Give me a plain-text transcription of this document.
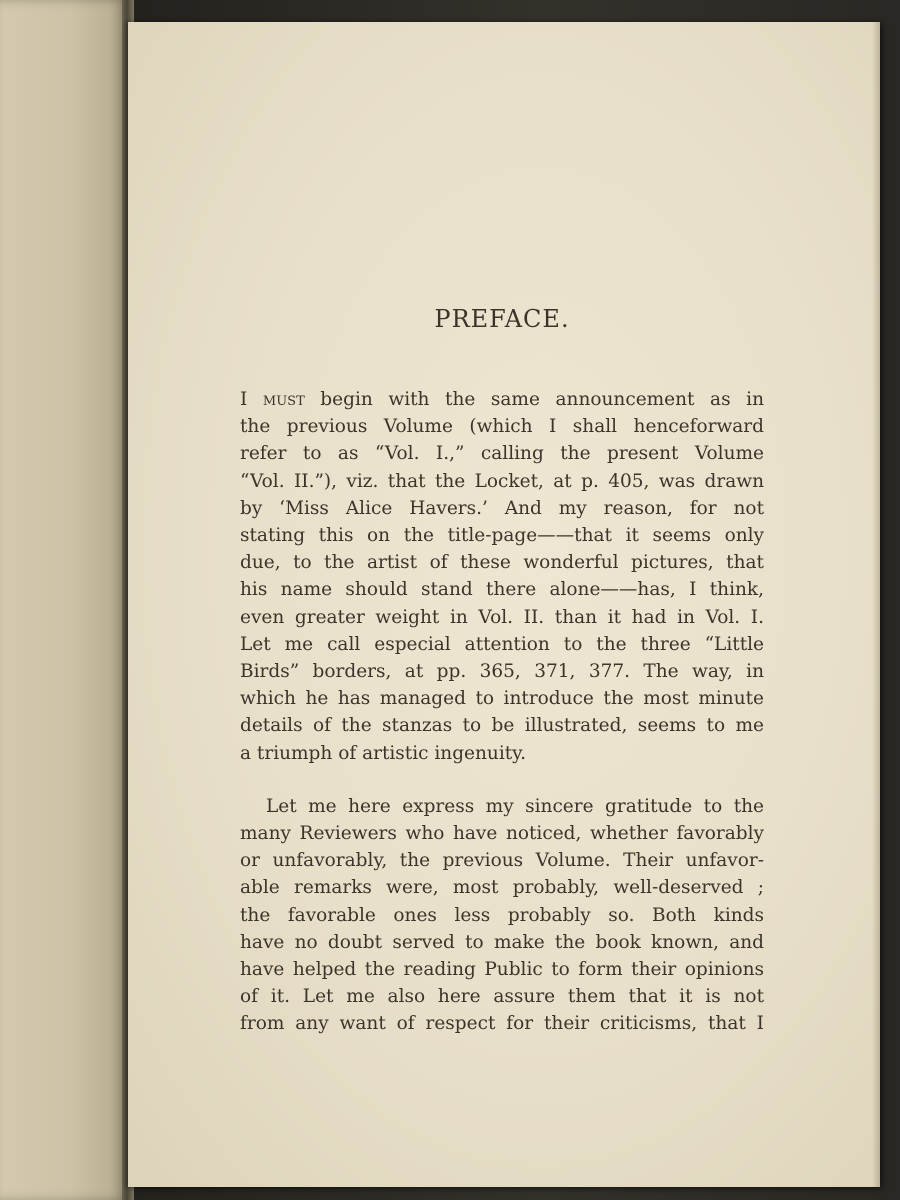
PREFACE.
I must begin with the same announcement as in
the previous Volume (which I shall henceforward
refer to as “Vol. I.,” calling the present Volume
“Vol. II.”), viz. that the Locket, at p. 405, was drawn
by ‘Miss Alice Havers.’ And my reason, for not
stating this on the title-page——that it seems only
due, to the artist of these wonderful pictures, that
his name should stand there alone——has, I think,
even greater weight in Vol. II. than it had in Vol. I.
Let me call especial attention to the three “Little
Birds” borders, at pp. 365, 371, 377. The way, in
which he has managed to introduce the most minute
details of the stanzas to be illustrated, seems to me
a triumph of artistic ingenuity.
Let me here express my sincere gratitude to the
many Reviewers who have noticed, whether favorably
or unfavorably, the previous Volume. Their unfavor-
able remarks were, most probably, well-deserved ;
the favorable ones less probably so. Both kinds
have no doubt served to make the book known, and
have helped the reading Public to form their opinions
of it. Let me also here assure them that it is not
from any want of respect for their criticisms, that I
